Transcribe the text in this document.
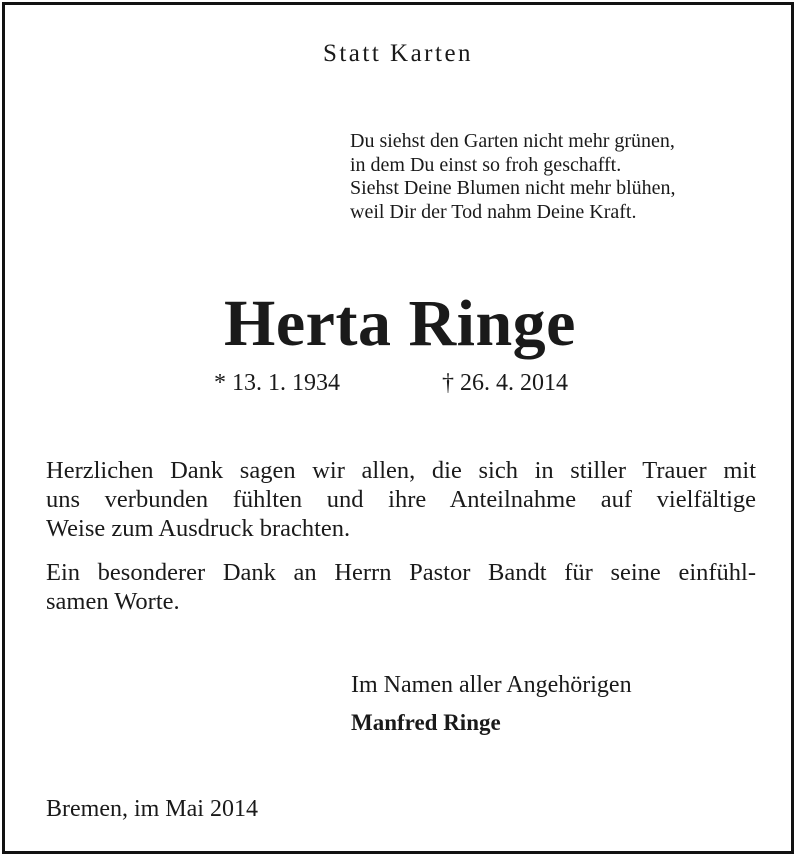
Statt Karten
Du siehst den Garten nicht mehr grünen,
in dem Du einst so froh geschafft.
Siehst Deine Blumen nicht mehr blühen,
weil Dir der Tod nahm Deine Kraft.
Herta Ringe
* 13. 1. 1934	† 26. 4. 2014
Herzlichen Dank sagen wir allen, die sich in stiller Trauer mit
uns verbunden fühlten und ihre Anteilnahme auf vielfältige
Weise zum Ausdruck brachten.
Ein besonderer Dank an Herrn Pastor Bandt für seine einfühl-
samen Worte.
Im Namen aller Angehörigen
Manfred Ringe
Bremen, im Mai 2014
